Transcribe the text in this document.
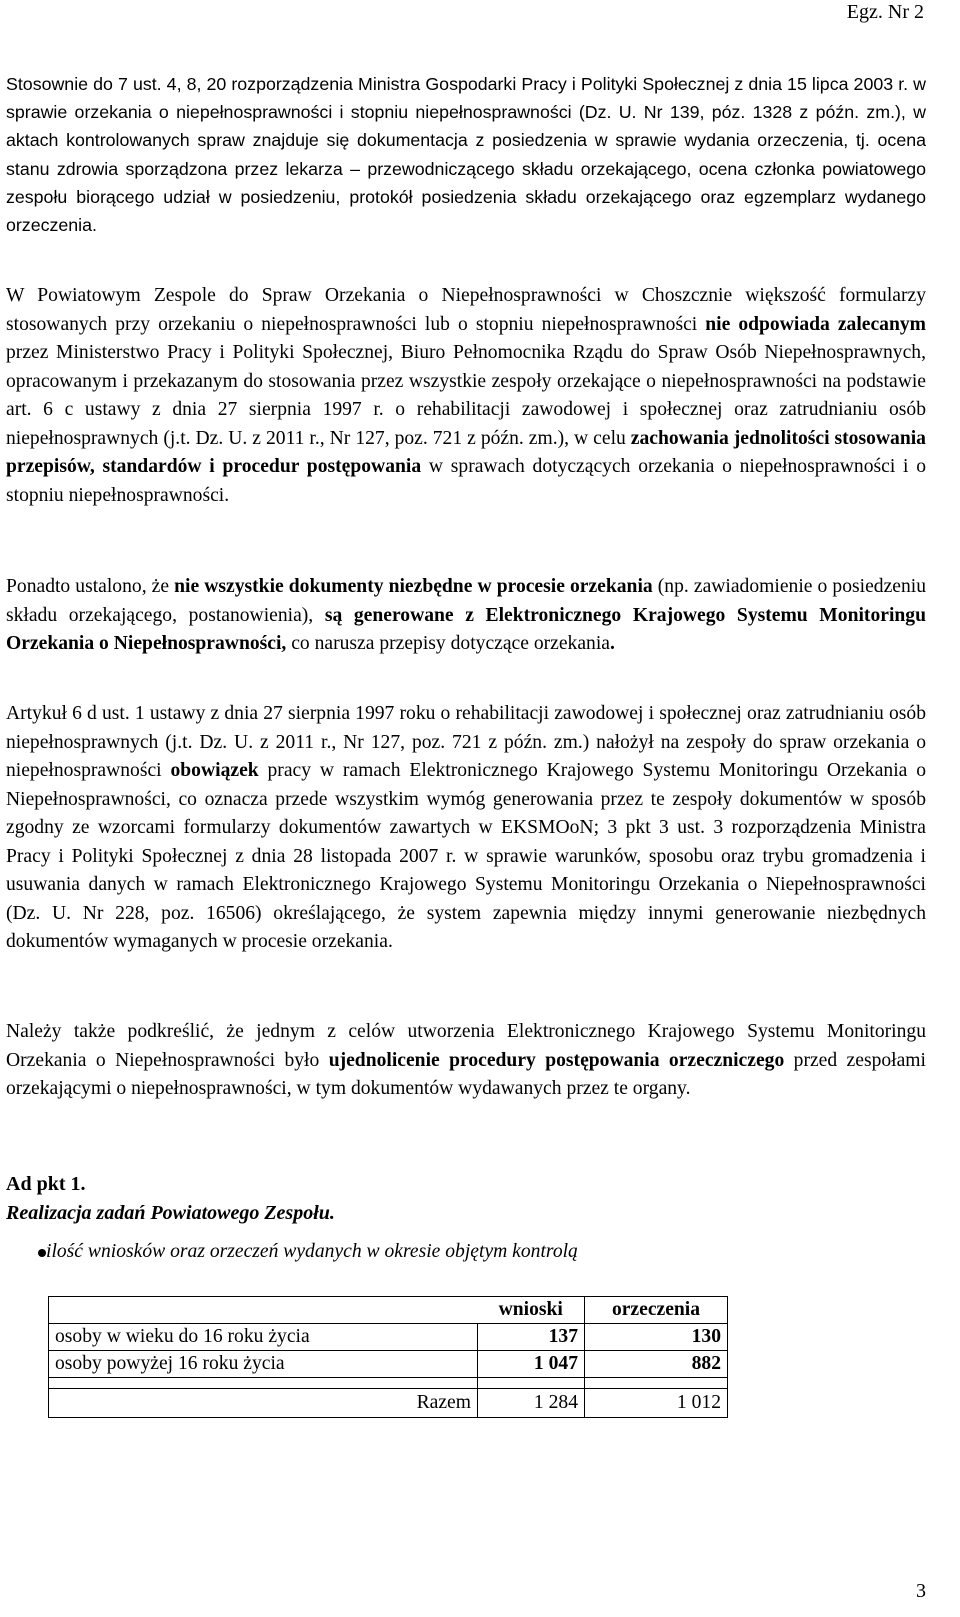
Egz. Nr 2

Stosownie do 7 ust. 4, 8, 20 rozporządzenia Ministra Gospodarki Pracy i Polityki Społecznej z dnia 15 lipca 2003 r. w sprawie orzekania o niepełnosprawności i stopniu niepełnosprawności (Dz. U. Nr 139, póz. 1328 z późn. zm.), w aktach kontrolowanych spraw znajduje się dokumentacja z posiedzenia w sprawie wydania orzeczenia, tj. ocena stanu zdrowia sporządzona przez lekarza – przewodniczącego składu orzekającego, ocena członka powiatowego zespołu biorącego udział w posiedzeniu, protokół posiedzenia składu orzekającego oraz egzemplarz wydanego orzeczenia.

W Powiatowym Zespole do Spraw Orzekania o Niepełnosprawności w Choszcznie większość formularzy stosowanych przy orzekaniu o niepełnosprawności lub o stopniu niepełnosprawności nie odpowiada zalecanym przez Ministerstwo Pracy i Polityki Społecznej, Biuro Pełnomocnika Rządu do Spraw Osób Niepełnosprawnych, opracowanym i przekazanym do stosowania przez wszystkie zespoły orzekające o niepełnosprawności na podstawie art. 6 c ustawy z dnia 27 sierpnia 1997 r. o rehabilitacji zawodowej i społecznej oraz zatrudnianiu osób niepełnosprawnych (j.t. Dz. U. z 2011 r., Nr 127, poz. 721 z późn. zm.), w celu zachowania jednolitości stosowania przepisów, standardów i procedur postępowania w sprawach dotyczących orzekania o niepełnosprawności i o stopniu niepełnosprawności.

Ponadto ustalono, że nie wszystkie dokumenty niezbędne w procesie orzekania (np. zawiadomienie o posiedzeniu składu orzekającego, postanowienia), są generowane z Elektronicznego Krajowego Systemu Monitoringu Orzekania o Niepełnosprawności, co narusza przepisy dotyczące orzekania.

Artykuł 6 d ust. 1 ustawy z dnia 27 sierpnia 1997 roku o rehabilitacji zawodowej i społecznej oraz zatrudnianiu osób niepełnosprawnych (j.t. Dz. U. z 2011 r., Nr 127, poz. 721 z późn. zm.) nałożył na zespoły do spraw orzekania o niepełnosprawności obowiązek pracy w ramach Elektronicznego Krajowego Systemu Monitoringu Orzekania o Niepełnosprawności, co oznacza przede wszystkim wymóg generowania przez te zespoły dokumentów w sposób zgodny ze wzorcami formularzy dokumentów zawartych w EKSMOoN; 3 pkt 3 ust. 3 rozporządzenia Ministra Pracy i Polityki Społecznej z dnia 28 listopada 2007 r. w sprawie warunków, sposobu oraz trybu gromadzenia i usuwania danych w ramach Elektronicznego Krajowego Systemu Monitoringu Orzekania o Niepełnosprawności (Dz. U. Nr 228, poz. 16506) określającego, że system zapewnia między innymi generowanie niezbędnych dokumentów wymaganych w procesie orzekania.

Należy także podkreślić, że jednym z celów utworzenia Elektronicznego Krajowego Systemu Monitoringu Orzekania o Niepełnosprawności było ujednolicenie procedury postępowania orzeczniczego przed zespołami orzekającymi o niepełnosprawności, w tym dokumentów wydawanych przez te organy.

Ad pkt 1.

Realizacja zadań Powiatowego Zespołu.

ilość wniosków oraz orzeczeń wydanych w okresie objętym kontrolą
	wnioski	orzeczenia
osoby w wieku do 16 roku życia	137	130
osoby powyżej 16 roku życia	1 047	882

Razem	1 284	1 012
3
